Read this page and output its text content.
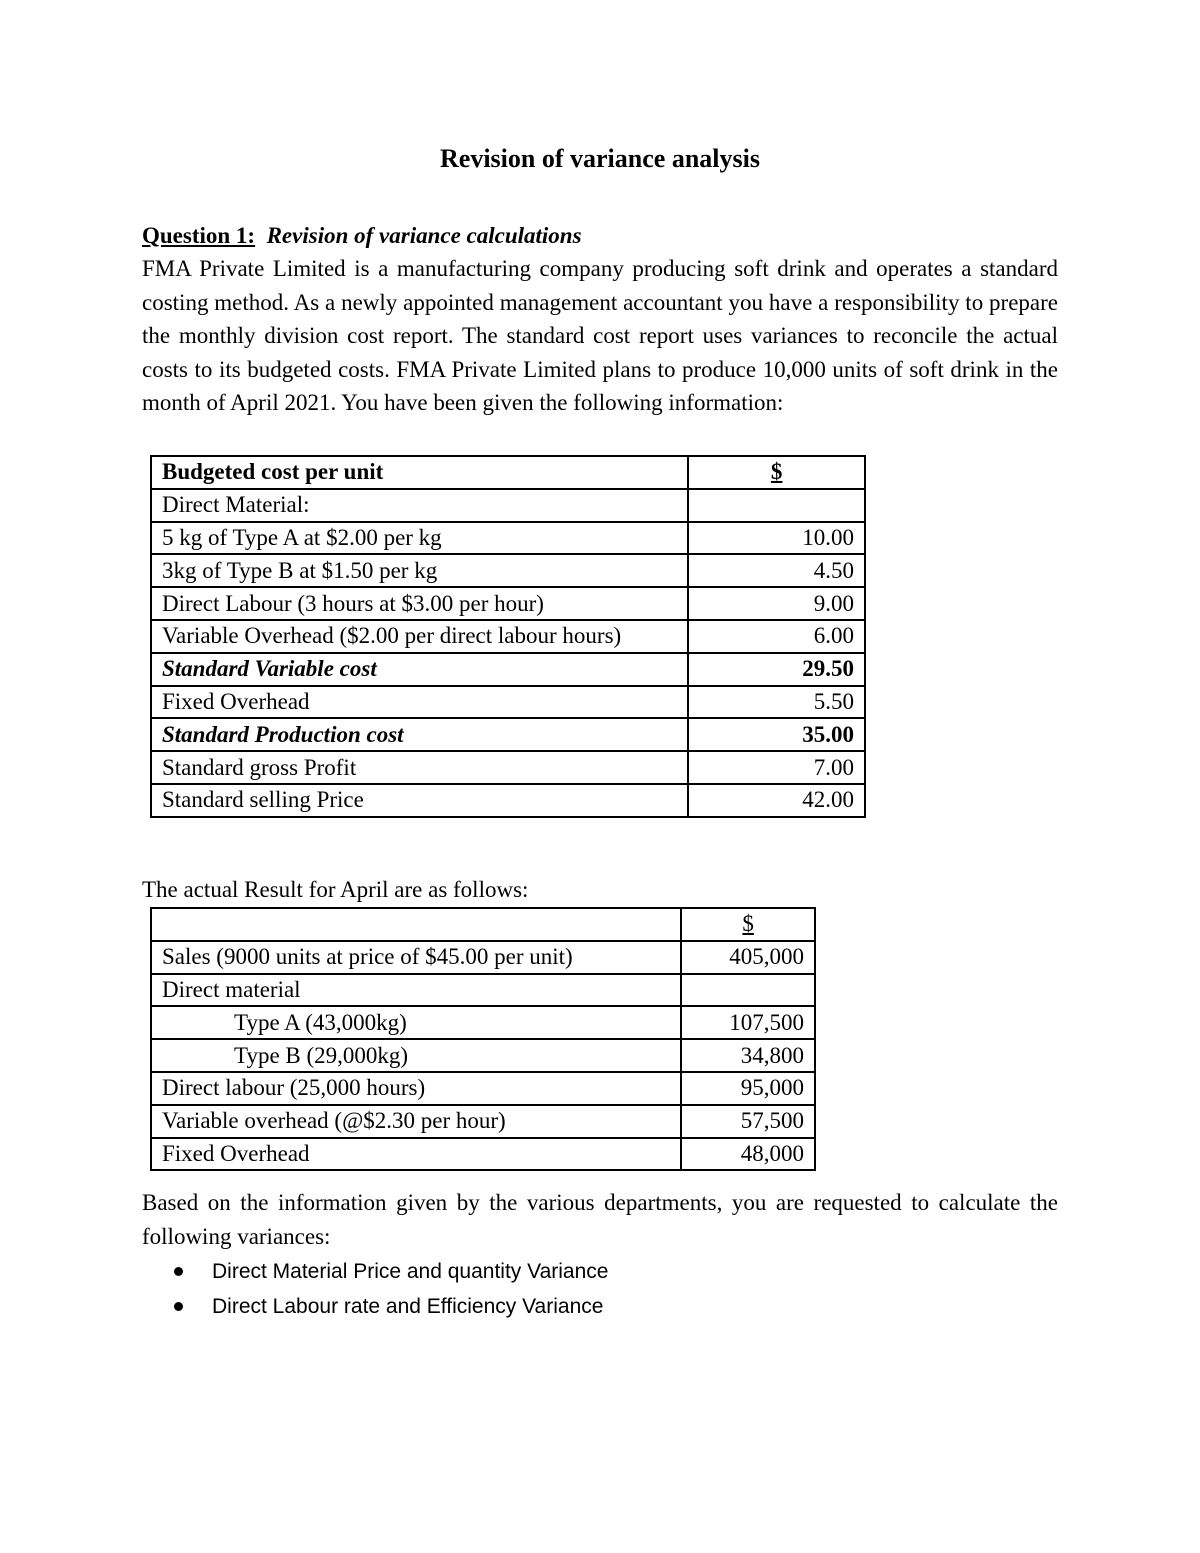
Revision of variance analysis
Question 1: Revision of variance calculations

FMA Private Limited is a manufacturing company producing soft drink and operates a standard costing method. As a newly appointed management accountant you have a responsibility to prepare the monthly division cost report. The standard cost report uses variances to reconcile the actual costs to its budgeted costs. FMA Private Limited plans to produce 10,000 units of soft drink in the month of April 2021. You have been given the following information:

Budgeted cost per unit	$
Direct Material:	
5 kg of Type A at $2.00 per kg	10.00
3kg of Type B at $1.50 per kg	4.50
Direct Labour (3 hours at $3.00 per hour)	9.00
Variable Overhead ($2.00 per direct labour hours)	6.00
Standard Variable cost	29.50
Fixed Overhead	5.50
Standard Production cost	35.00
Standard gross Profit	7.00
Standard selling Price	42.00
The actual Result for April are as follows:
	$
Sales (9000 units at price of $45.00 per unit)	405,000
Direct material	
Type A (43,000kg)	107,500
Type B (29,000kg)	34,800
Direct labour (25,000 hours)	95,000
Variable overhead (@$2.30 per hour)	57,500
Fixed Overhead	48,000

Based on the information given by the various departments, you are requested to calculate the following variances:

Direct Material Price and quantity Variance
Direct Labour rate and Efficiency Variance
